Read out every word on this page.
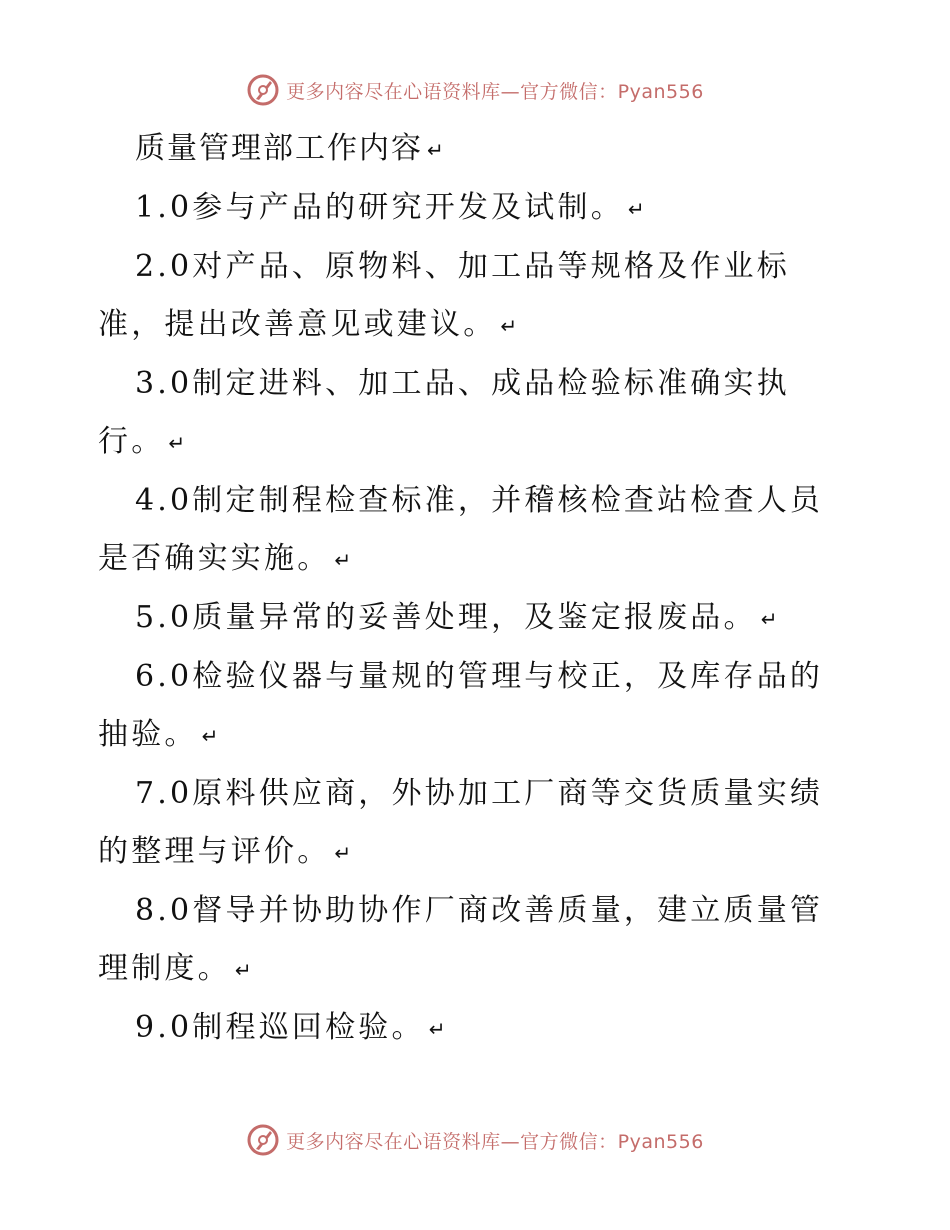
更多内容尽在心语资料库—官方微信：Pyan556

质量管理部工作内容 ↵

1.0参与产品的研究开发及试制。 ↵

2.0对产品、原物料、加工品等规格及作业标准，提出改善意见或建议。 ↵

3.0制定进料、加工品、成品检验标准确实执行。 ↵

4.0制定制程检查标准，并稽核检查站检查人员是否确实实施。 ↵

5.0质量异常的妥善处理，及鉴定报废品。 ↵

6.0检验仪器与量规的管理与校正，及库存品的抽验。 ↵

7.0原料供应商，外协加工厂商等交货质量实绩的整理与评价。 ↵

8.0督导并协助协作厂商改善质量，建立质量管理制度。 ↵

9.0制程巡回检验。 ↵

更多内容尽在心语资料库—官方微信：Pyan556
